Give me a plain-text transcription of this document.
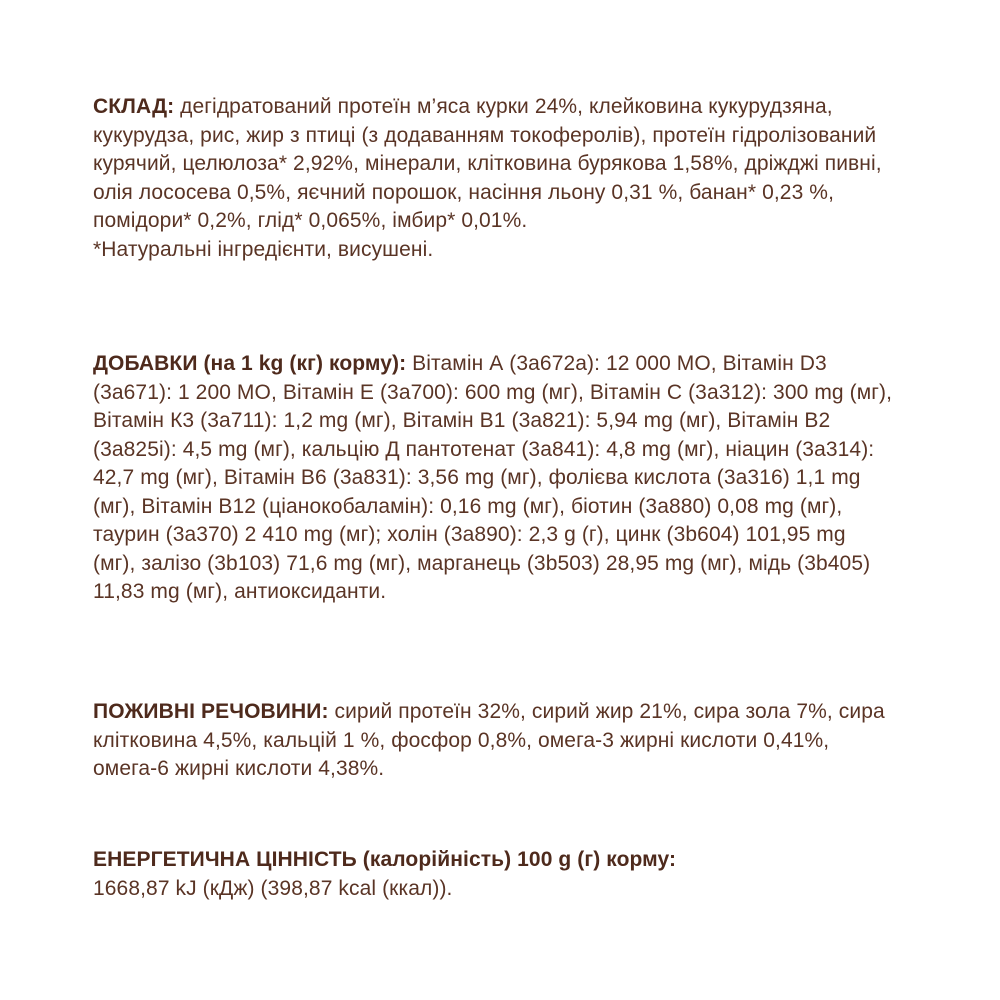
СКЛАД: дегідратований протеїн м’яса курки 24%, клейковина кукурудзяна, кукурудза, рис, жир з птиці (з додаванням токоферолів), протеїн гідролізований курячий, целюлоза* 2,92%, мінерали, клітковина бурякова 1,58%, дріжджі пивні, олія лососева 0,5%, яєчний порошок, насіння льону 0,31 %, банан* 0,23 %, помідори* 0,2%, глід* 0,065%, імбир* 0,01%.
*Натуральні інгредієнти, висушені.
ДОБАВКИ (на 1 kg (кг) корму): Вітамін А (3a672a): 12 000 МО, Вітамін D3 (3a671): 1 200 МО, Вітамін Е (3a700): 600 mg (мг), Вітамін С (3a312): 300 mg (мг), Вітамін К3 (3a711): 1,2 mg (мг), Вітамін В1 (3a821): 5,94 mg (мг), Вітамін В2 (3a825i): 4,5 mg (мг), кальцію Д пантотенат (3a841): 4,8 mg (мг), ніацин (3a314): 42,7 mg (мг), Вітамін В6 (3a831): 3,56 mg (мг), фолієва кислота (3a316) 1,1 mg (мг), Вітамін В12 (ціанокобаламін): 0,16 mg (мг), біотин (3a880) 0,08 mg (мг), таурин (3a370) 2 410 mg (мг); холін (3a890): 2,3 g (г), цинк (3b604) 101,95 mg (мг), залізо (3b103) 71,6 mg (мг), марганець (3b503) 28,95 mg (мг), мідь (3b405) 11,83 mg (мг), антиоксиданти.
ПОЖИВНІ РЕЧОВИНИ: сирий протеїн 32%, сирий жир 21%, сира зола 7%, сира клітковина 4,5%, кальцій 1 %, фосфор 0,8%, омега-3 жирні кислоти 0,41%, омега-6 жирні кислоти 4,38%.
ЕНЕРГЕТИЧНА ЦІННІСТЬ (калорійність) 100 g (г) корму:
1668,87 kJ (кДж) (398,87 kcal (ккал)).
